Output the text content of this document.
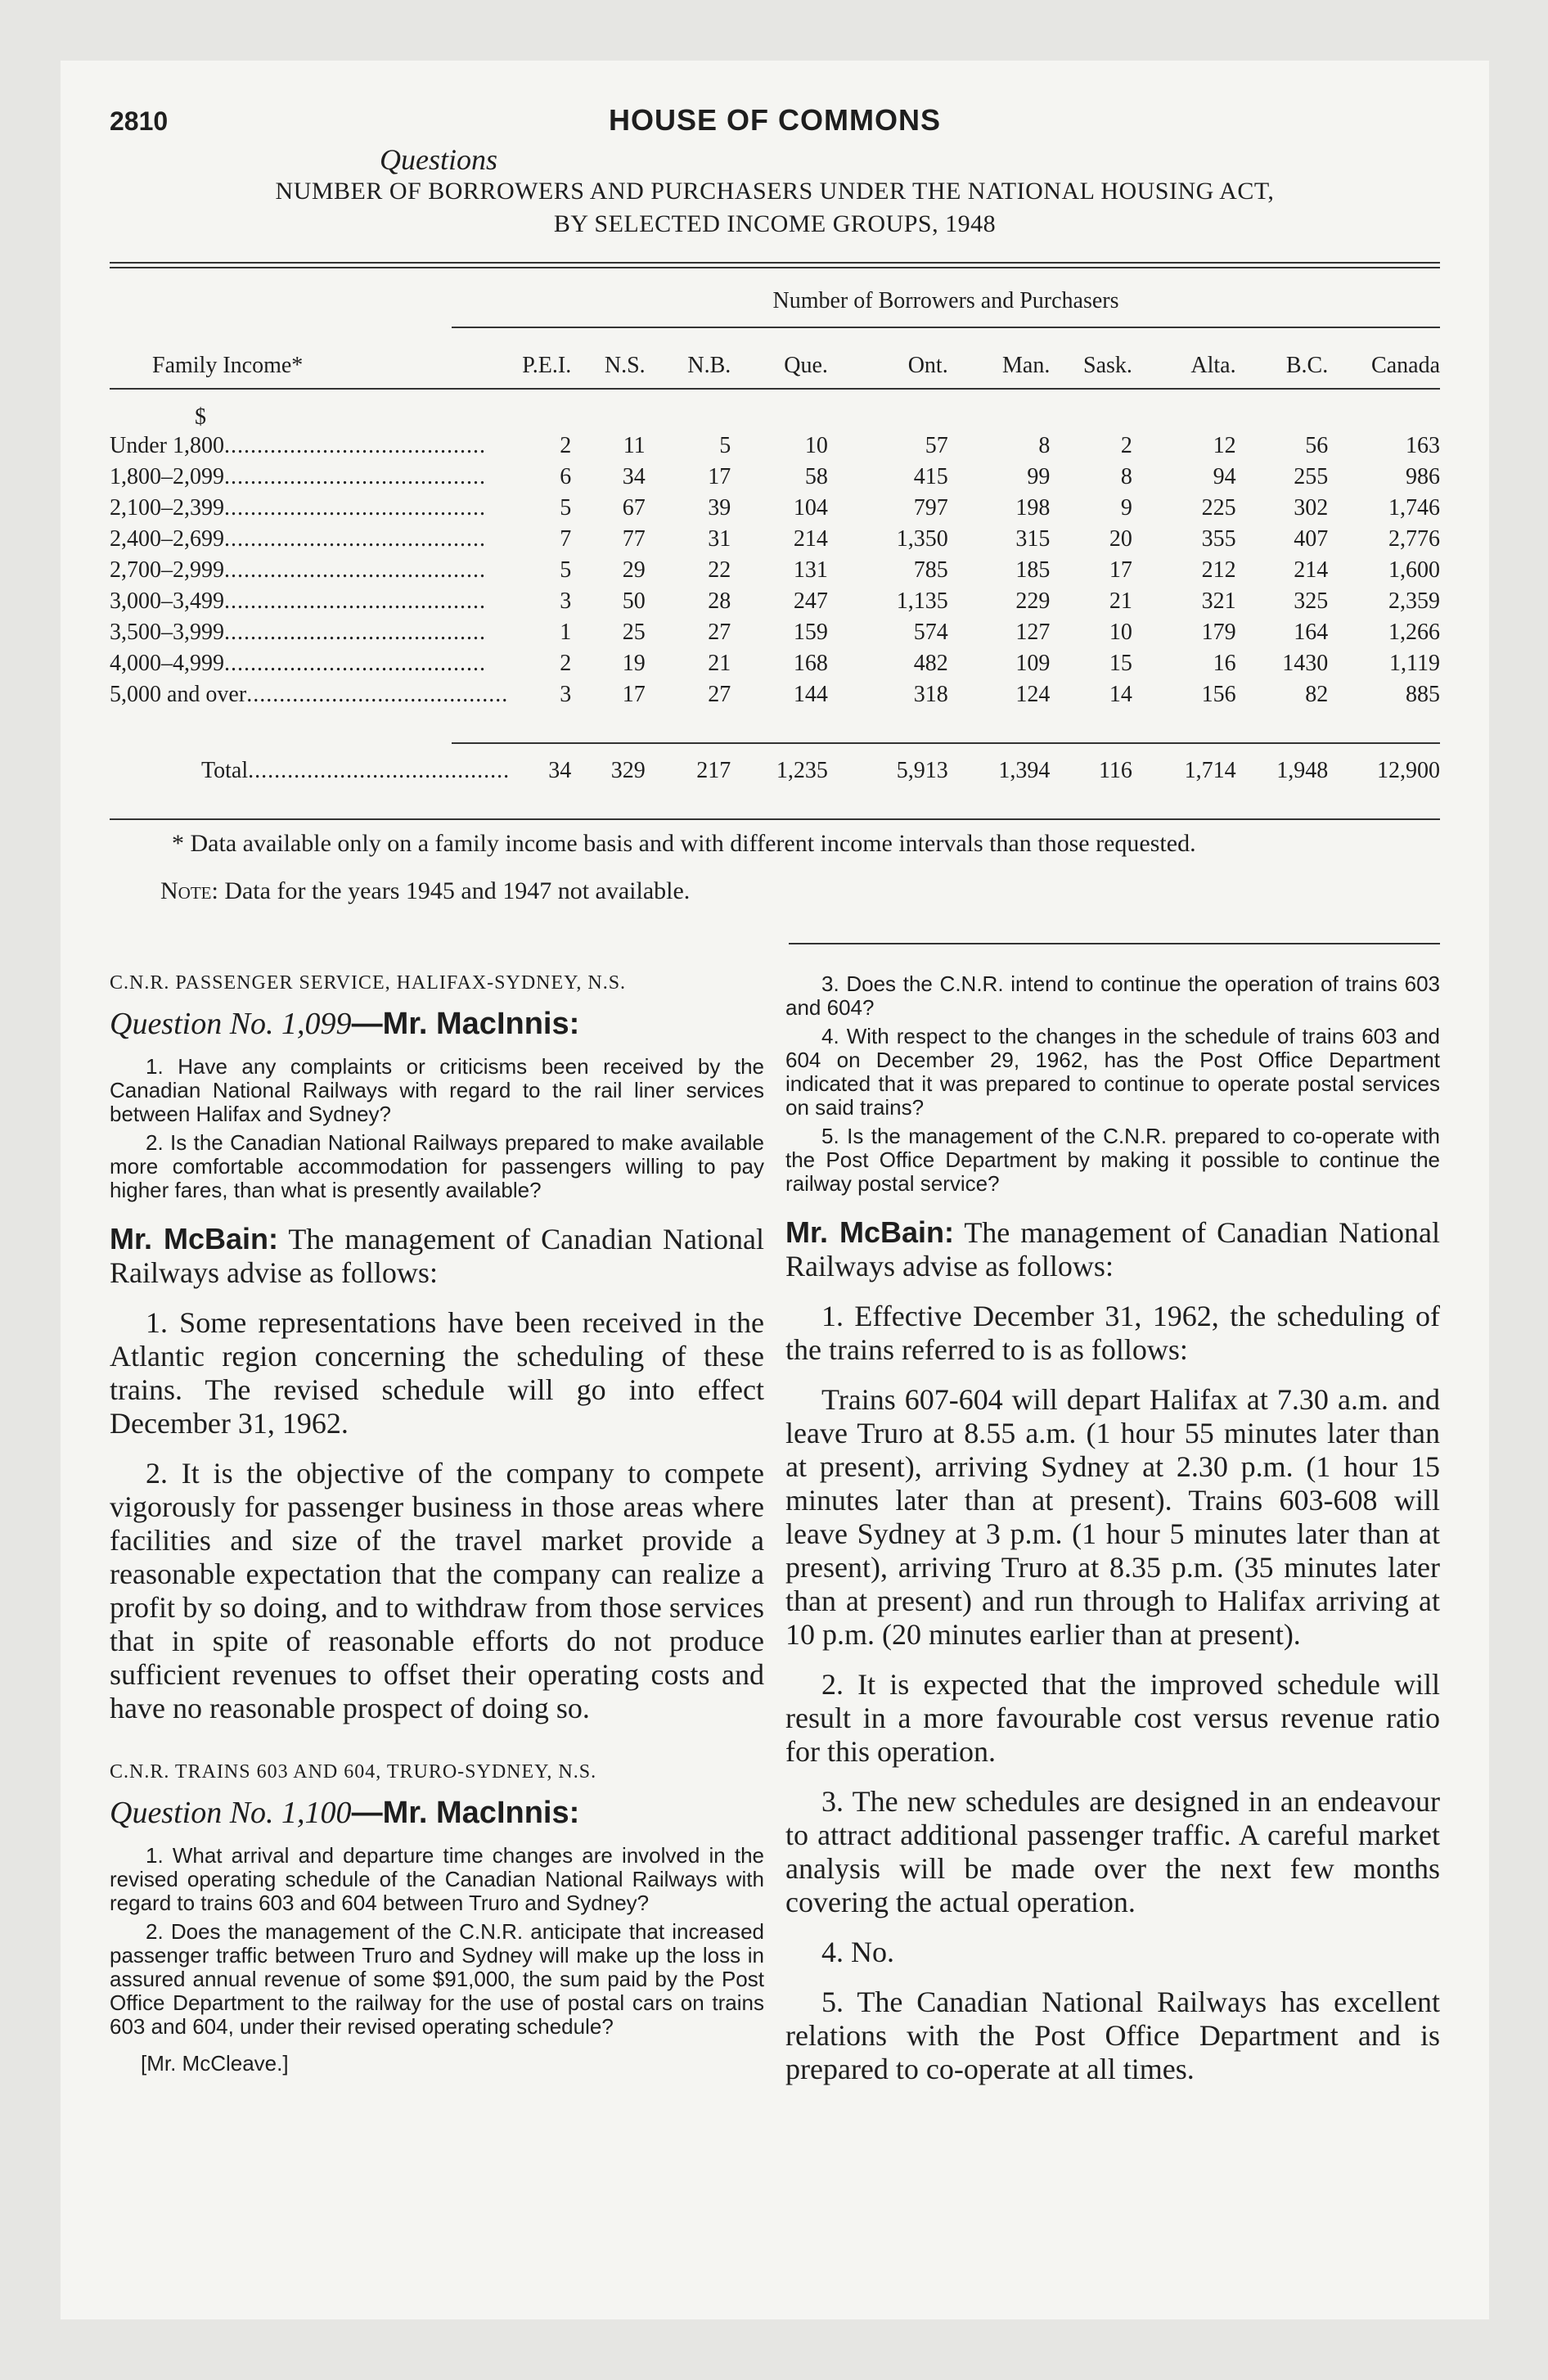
2810	HOUSE OF COMMONS
Questions
NUMBER OF BORROWERS AND PURCHASERS UNDER THE NATIONAL HOUSING ACT,
BY SELECTED INCOME GROUPS, 1948
Number of Borrowers and Purchasers
Family Income*	P.E.I.	N.S.	N.B.	Que.	Ont.	Man.	Sask.	Alta.	B.C.	Canada
$										
Under 1,800........................................	2	11	5	10	57	8	2	12	56	163
1,800–2,099........................................	6	34	17	58	415	99	8	94	255	986
2,100–2,399........................................	5	67	39	104	797	198	9	225	302	1,746
2,400–2,699........................................	7	77	31	214	1,350	315	20	355	407	2,776
2,700–2,999........................................	5	29	22	131	785	185	17	212	214	1,600
3,000–3,499........................................	3	50	28	247	1,135	229	21	321	325	2,359
3,500–3,999........................................	1	25	27	159	574	127	10	179	164	1,266
4,000–4,999........................................	2	19	21	168	482	109	15	16	1430	1,119
5,000 and over........................................	3	17	27	144	318	124	14	156	82	885

Total........................................	34	329	217	1,235	5,913	1,394	116	1,714	1,948	12,900
* Data available only on a family income basis and with different income intervals than those requested.
Note: Data for the years 1945 and 1947 not available.
C.N.R. PASSENGER SERVICE, HALIFAX-SYDNEY, N.S.
Question No. 1,099—Mr. MacInnis:

1. Have any complaints or criticisms been received by the Canadian National Railways with regard to the rail liner services between Halifax and Sydney?

2. Is the Canadian National Railways prepared to make available more comfortable accommodation for passengers willing to pay higher fares, than what is presently available?

Mr. McBain: The management of Canadian National Railways advise as follows:

1. Some representations have been received in the Atlantic region concerning the scheduling of these trains. The revised schedule will go into effect December 31, 1962.

2. It is the objective of the company to compete vigorously for passenger business in those areas where facilities and size of the travel market provide a reasonable expectation that the company can realize a profit by so doing, and to withdraw from those services that in spite of reasonable efforts do not produce sufficient revenues to offset their operating costs and have no reasonable prospect of doing so.

C.N.R. TRAINS 603 AND 604, TRURO-SYDNEY, N.S.
Question No. 1,100—Mr. MacInnis:

1. What arrival and departure time changes are involved in the revised operating schedule of the Canadian National Railways with regard to trains 603 and 604 between Truro and Sydney?

2. Does the management of the C.N.R. anticipate that increased passenger traffic between Truro and Sydney will make up the loss in assured annual revenue of some $91,000, the sum paid by the Post Office Department to the railway for the use of postal cars on trains 603 and 604, under their revised operating schedule?

[Mr. McCleave.]

3. Does the C.N.R. intend to continue the operation of trains 603 and 604?

4. With respect to the changes in the schedule of trains 603 and 604 on December 29, 1962, has the Post Office Department indicated that it was prepared to continue to operate postal services on said trains?

5. Is the management of the C.N.R. prepared to co-operate with the Post Office Department by making it possible to continue the railway postal service?

Mr. McBain: The management of Canadian National Railways advise as follows:

1. Effective December 31, 1962, the scheduling of the trains referred to is as follows:

Trains 607-604 will depart Halifax at 7.30 a.m. and leave Truro at 8.55 a.m. (1 hour 55 minutes later than at present), arriving Sydney at 2.30 p.m. (1 hour 15 minutes later than at present). Trains 603-608 will leave Sydney at 3 p.m. (1 hour 5 minutes later than at present), arriving Truro at 8.35 p.m. (35 minutes later than at present) and run through to Halifax arriving at 10 p.m. (20 minutes earlier than at present).

2. It is expected that the improved schedule will result in a more favourable cost versus revenue ratio for this operation.

3. The new schedules are designed in an endeavour to attract additional passenger traffic. A careful market analysis will be made over the next few months covering the actual operation.

4. No.

5. The Canadian National Railways has excellent relations with the Post Office Department and is prepared to co-operate at all times.
